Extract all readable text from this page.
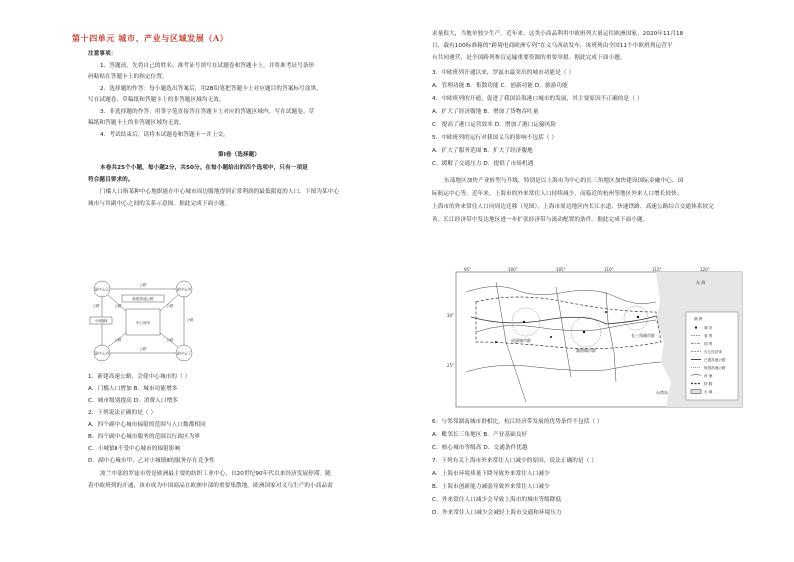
第十四单元 城市、产业与区域发展（A）
注意事项：
1．答题前，先将自己的姓名、准考证号填写在试题卷和答题卡上，并将准考证号条形
码粘贴在答题卡上的指定位置。
2．选择题的作答：每小题选出答案后，用2B铅笔把答题卡上对应题目的答案标号涂黑，
写在试题卷、草稿纸和答题卡上的非答题区域均无效。
3．非选择题的作答：用签字笔直接答在答题卡上对应的答题区域内。写在试题卷、草
稿纸和答题卡上的非答题区域均无效。
4．考试结束后，请将本试题卷和答题卡一并上交。
第Ⅰ卷（选择题）
本卷共25个小题，每小题2分，共50分。在每小题给出的四个选项中，只有一项是
符合题目要求的。
门槛人口指某种中心地职能在中心城市周边腹地得到正常利润的最低限度的人口。下图为某中心
城市与其副中心之间的关系示意图。据此完成下面小题。
中心城市
副中心乙	副中心甲
副中心丙	副中心丁
新建高速公路
小城镇Ⅱ
公路
公路
公路
公路
公路	公路
公路	公路
1．新建高速公路，会使中心城市的（ ）
A．门槛人口增加 B．城市功能增多
C．城市级别提高 D．消费人口增多
2．下列说法正确的是（ ）
A．四个副中心城市辐射的范围与人口数都相同
B．四个副中心城市服务的范围以行政区为界
C．小城镇Ⅱ不受中心城市的辐射影响
D．副中心城市甲、乙对小城镇Ⅱ的服务存在竞争性
波兰中部的罗兹市曾是欧洲最主要的纺织工业中心，自20世纪90年代以来经济发展停滞。随
着中欧班列的开通，该市成为中国商品在欧洲中部的重要集散地。欧洲国家对义乌生产的小商品需
求量很大，当地单独少生产。近年来，这类小商品利用中欧班列大量运往欧洲国家。2020年11月18
日，载有100标准箱的“跨境电商欧洲专列”在义乌西站发车，该班列由全国11个中欧班列运营平
台共同運营，是全国跨列参盲运输重要资源的重要举措。据此完成下面小题。
3．中欧班列开通以来，罗兹市最突出的城市功能是（ ）
A．管理功能 B．集散功能 C．创新功能 D．旅游功能
4．中欧班列的开通，促进了我国沿海港口城市的发展，其主要原因不正确的是（ ）
A．扩大了经济腹地 B．增加了货物吞吐量
C．提高了港口运营效率 D．增加了港口运输风险
5．中欧班列的运行对我国义乌的影响不包括（ ）
A．扩大了服务范围 B．扩大了经济腹地
C．缓解了交通压力 D．提供了市场机遇
东部地区加快产业转型与升级，特别是以上海市为中心的长三角地区加快建设国际金融中心、国
际航运中心等。近年来，上海市的外来常住人口持续减少，而临近的杭州等地区外来人口增长较快。
上海市的外来常住人口向周边迁移（见图），上海市周边地区内长江水道、快速铁路、高速公路综合交通体系较完
善。长江经济带中发达地区进一步扩张经济带与流动配置的条件。据此完成下面小题。
95°	100°	105°	110°	115°	120°
30°
25°
东 海
长三角城市群
湖南城市群
成渝城市群
台湾岛
图 例
城 市
省 界
国 界
长江经济带
已建高速公路
规划高速公路
河 流
铁 路
水 域
6．与邻邻湖南城市群相比，杭江经济带发展的优势条件不包括（ ）
A．毗邻长三角地区 B．产业基础良好
C．核心城市等级高 D．交通条件优越
7．下列有关上海市外来常住人口减少的原因，说法正确的是（ ）
A．上海市环境质量下降导致外来常住人口减少
B．上海市创新能力减弱导致外来常住人口减少
C．外来常住人口减少会导致上海市的城市等级降低
D．外来常住人口减少会减轻上海市交通和环境压力
